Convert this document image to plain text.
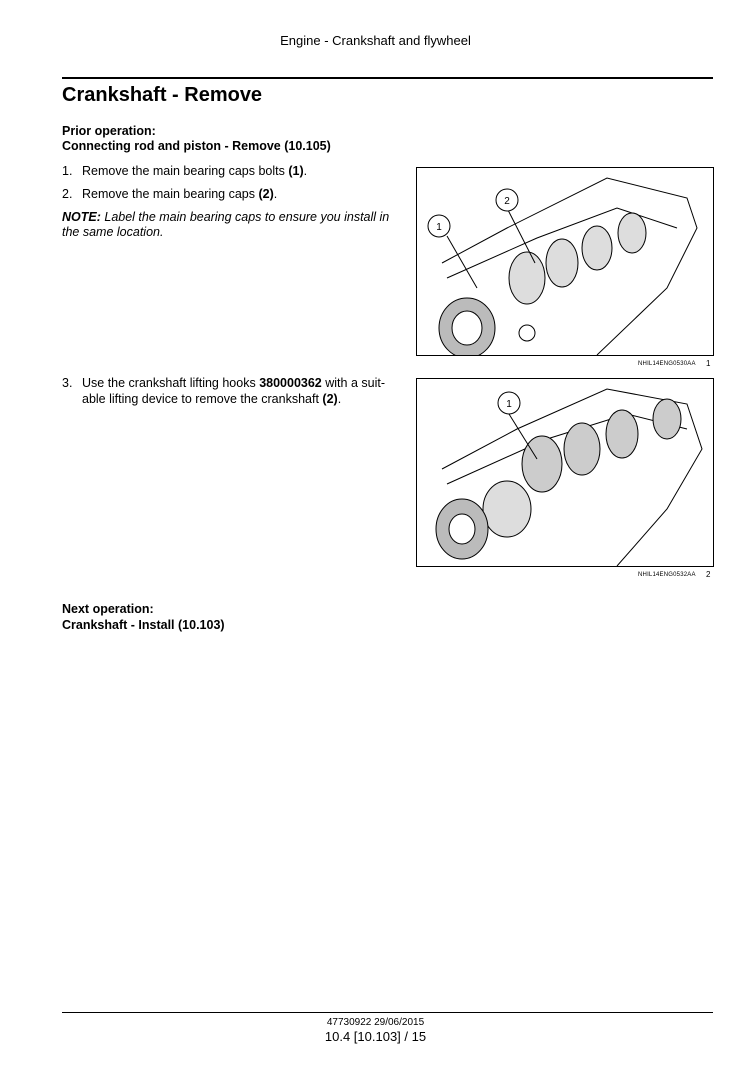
Engine - Crankshaft and flywheel
Crankshaft - Remove
Prior operation:
Connecting rod and piston - Remove (10.105)
1. Remove the main bearing caps bolts (1).
2. Remove the main bearing caps (2).
NOTE: Label the main bearing caps to ensure you install in the same location.	1
2
NHIL14ENG0530AA 1
3. Use the crankshaft lifting hooks 380000362 with a suit-able lifting device to remove the crankshaft (2).	1
NHIL14ENG0532AA 2
Next operation:
Crankshaft - Install (10.103)
47730922 29/06/2015
10.4 [10.103] / 15
